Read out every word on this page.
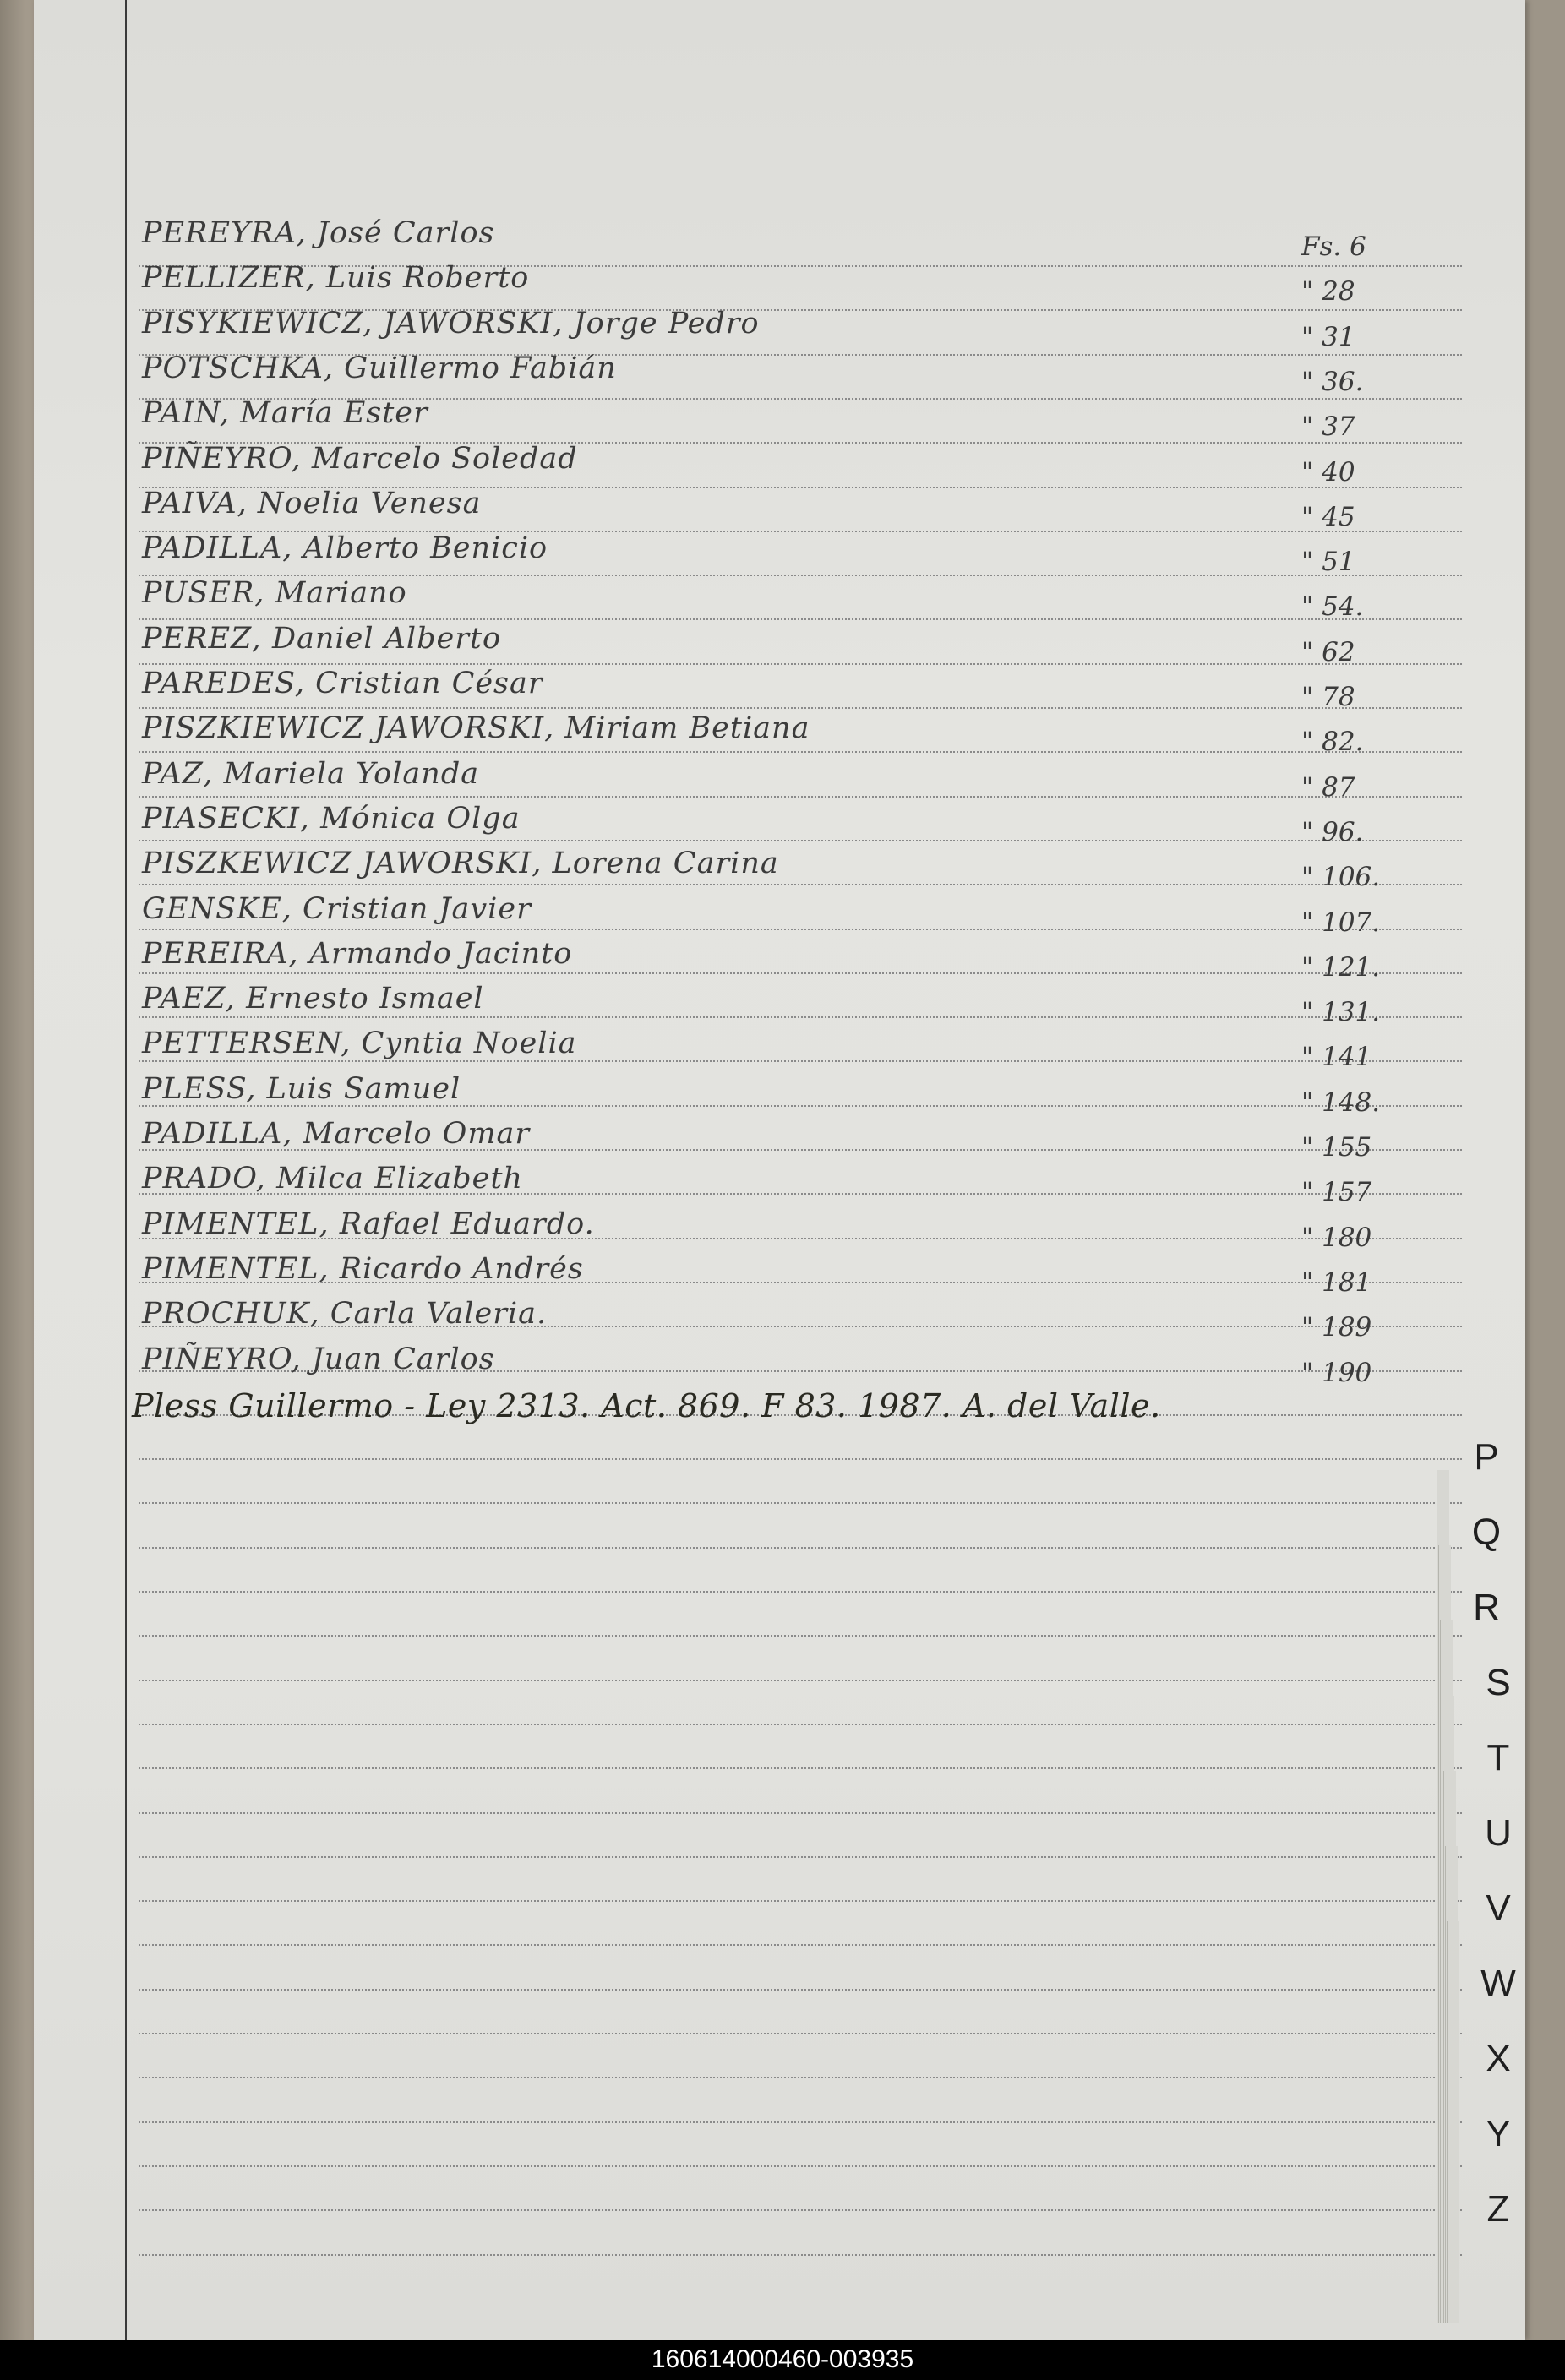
PEREYRA, José Carlos	Fs. 6
PELLIZER, Luis Roberto	" 28
PISYKIEWICZ, JAWORSKI, Jorge Pedro	" 31
POTSCHKA, Guillermo Fabián	" 36.
PAIN, María Ester	" 37
PIÑEYRO, Marcelo Soledad	" 40
PAIVA, Noelia Venesa	" 45
PADILLA, Alberto Benicio	" 51
PUSER, Mariano	" 54.
PEREZ, Daniel Alberto	" 62
PAREDES, Cristian César	" 78
PISZKIEWICZ JAWORSKI, Miriam Betiana	" 82.
PAZ, Mariela Yolanda	" 87
PIASECKI, Mónica Olga	" 96.
PISZKEWICZ JAWORSKI, Lorena Carina	" 106.
GENSKE, Cristian Javier	" 107.
PEREIRA, Armando Jacinto	" 121.
PAEZ, Ernesto Ismael	" 131.
PETTERSEN, Cyntia Noelia	" 141
PLESS, Luis Samuel	" 148.
PADILLA, Marcelo Omar	" 155
PRADO, Milca Elizabeth	" 157
PIMENTEL, Rafael Eduardo.	" 180
PIMENTEL, Ricardo Andrés	" 181
PROCHUK, Carla Valeria.	" 189
PIÑEYRO, Juan Carlos	" 190
Pless Guillermo - Ley 2313. Act. 869. F 83. 1987. A. del Valle.
P
Q
R
S
T
U
V
W
X
Y
Z
160614000460-003935
